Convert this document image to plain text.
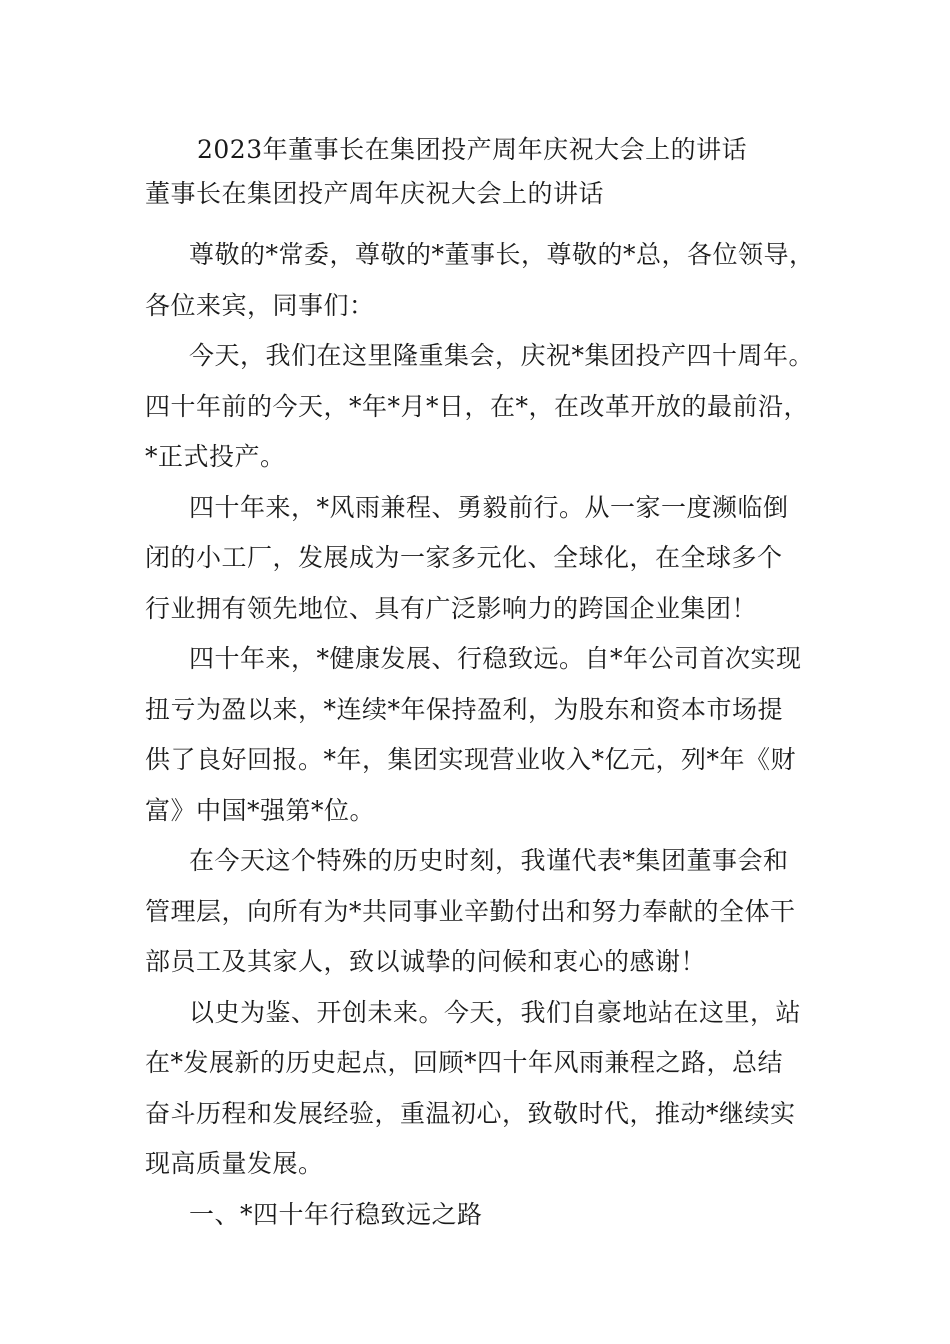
2023年董事长在集团投产周年庆祝大会上的讲话
董事长在集团投产周年庆祝大会上的讲话

尊敬的*常委，尊敬的*董事长，尊敬的*总，各位领导，
各位来宾，同事们：

今天，我们在这里隆重集会，庆祝*集团投产四十周年。
四十年前的今天，*年*月*日，在*，在改革开放的最前沿，
*正式投产。

四十年来，*风雨兼程、勇毅前行。从一家一度濒临倒
闭的小工厂，发展成为一家多元化、全球化，在全球多个
行业拥有领先地位、具有广泛影响力的跨国企业集团！

四十年来，*健康发展、行稳致远。自*年公司首次实现
扭亏为盈以来，*连续*年保持盈利，为股东和资本市场提
供了良好回报。*年，集团实现营业收入*亿元，列*年《财
富》中国*强第*位。

在今天这个特殊的历史时刻，我谨代表*集团董事会和
管理层，向所有为*共同事业辛勤付出和努力奉献的全体干
部员工及其家人，致以诚挚的问候和衷心的感谢！

以史为鉴、开创未来。今天，我们自豪地站在这里，站
在*发展新的历史起点，回顾*四十年风雨兼程之路，总结
奋斗历程和发展经验，重温初心，致敬时代，推动*继续实
现高质量发展。

一、*四十年行稳致远之路
